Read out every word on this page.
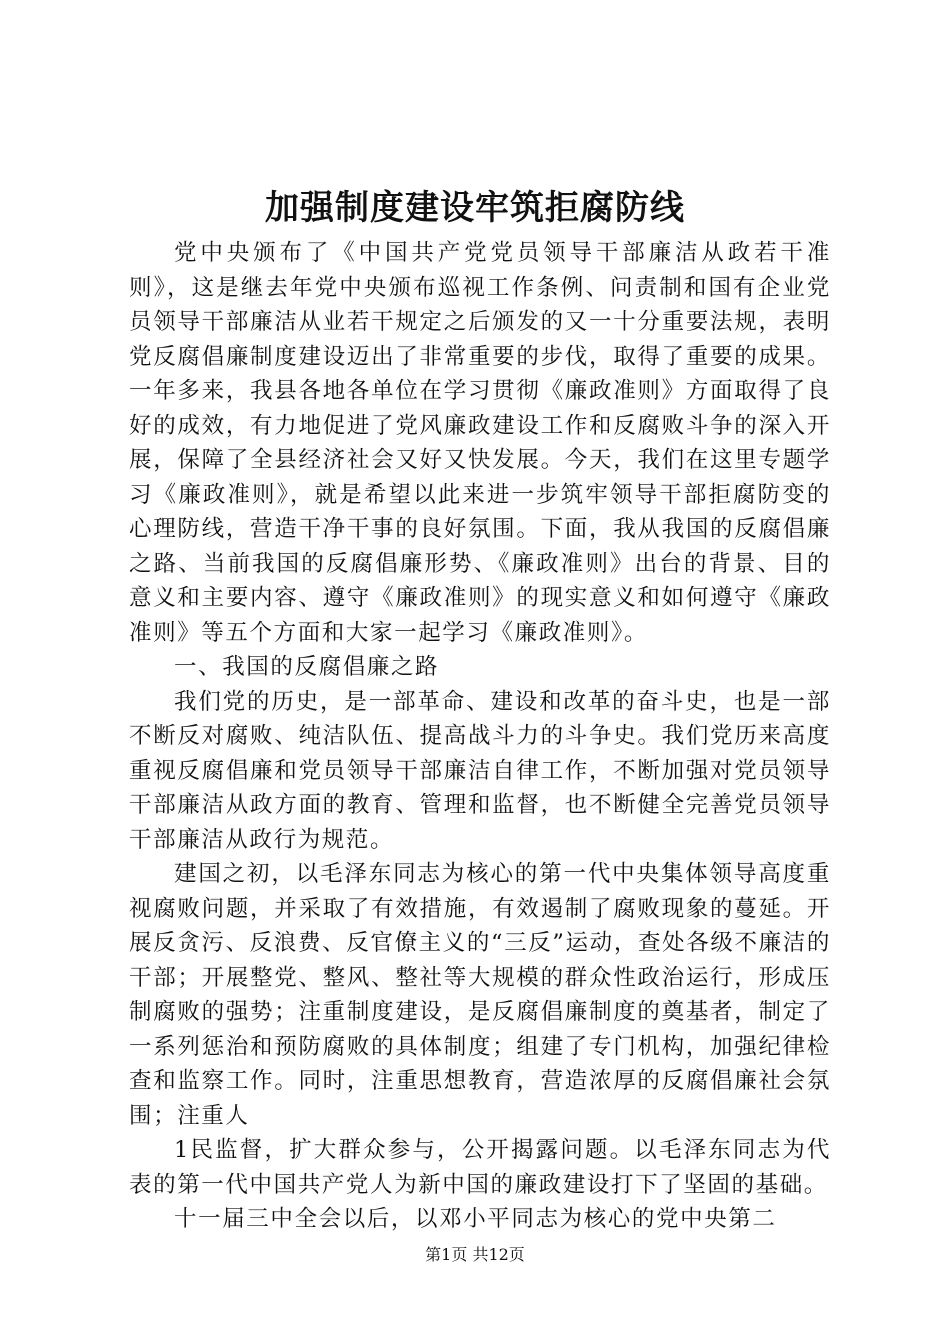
加强制度建设牢筑拒腐防线

党中央颁布了《中国共产党党员领导干部廉洁从政若干准则》，这是继去年党中央颁布巡视工作条例、问责制和国有企业党员领导干部廉洁从业若干规定之后颁发的又一十分重要法规，表明党反腐倡廉制度建设迈出了非常重要的步伐，取得了重要的成果。一年多来，我县各地各单位在学习贯彻《廉政准则》方面取得了良好的成效，有力地促进了党风廉政建设工作和反腐败斗争的深入开展，保障了全县经济社会又好又快发展。今天，我们在这里专题学习《廉政准则》，就是希望以此来进一步筑牢领导干部拒腐防变的心理防线，营造干净干事的良好氛围。下面，我从我国的反腐倡廉之路、当前我国的反腐倡廉形势、《廉政准则》出台的背景、目的意义和主要内容、遵守《廉政准则》的现实意义和如何遵守《廉政准则》等五个方面和大家一起学习《廉政准则》。

一、我国的反腐倡廉之路

我们党的历史，是一部革命、建设和改革的奋斗史，也是一部不断反对腐败、纯洁队伍、提高战斗力的斗争史。我们党历来高度重视反腐倡廉和党员领导干部廉洁自律工作，不断加强对党员领导干部廉洁从政方面的教育、管理和监督，也不断健全完善党员领导干部廉洁从政行为规范。

建国之初，以毛泽东同志为核心的第一代中央集体领导高度重视腐败问题，并采取了有效措施，有效遏制了腐败现象的蔓延。开展反贪污、反浪费、反官僚主义的“三反”运动，查处各级不廉洁的干部；开展整党、整风、整社等大规模的群众性政治运行，形成压制腐败的强势；注重制度建设，是反腐倡廉制度的奠基者，制定了一系列惩治和预防腐败的具体制度；组建了专门机构，加强纪律检查和监察工作。同时，注重思想教育，营造浓厚的反腐倡廉社会氛围；注重人

1民监督，扩大群众参与，公开揭露问题。以毛泽东同志为代表的第一代中国共产党人为新中国的廉政建设打下了坚固的基础。

十一届三中全会以后，以邓小平同志为核心的党中央第二

第1页 共12页
